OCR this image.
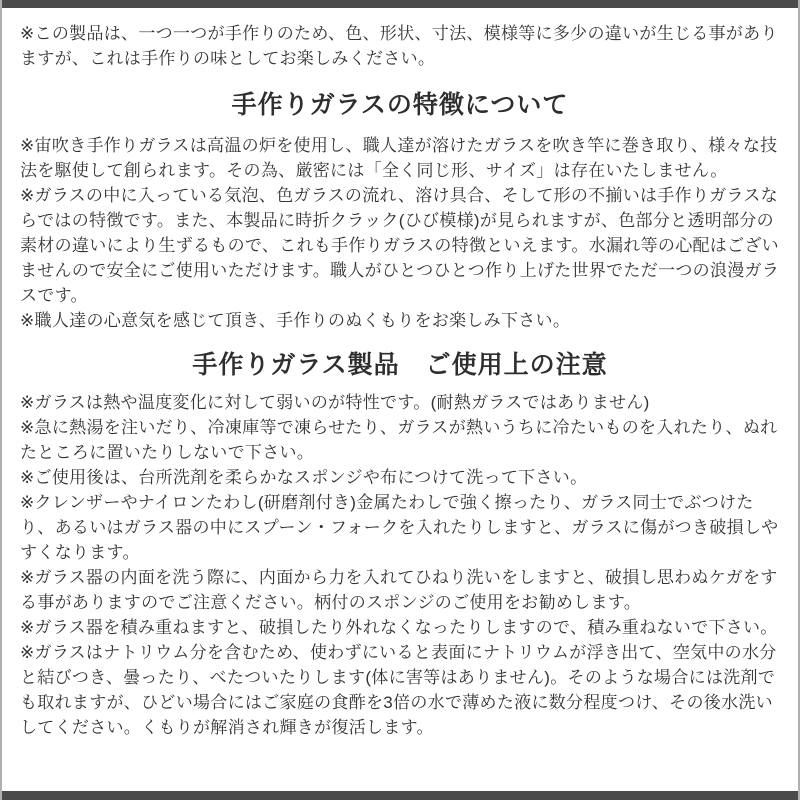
※この製品は、一つ一つが手作りのため、色、形状、寸法、模様等に多少の違いが生じる事がありますが、これは手作りの味としてお楽しみください。

手作りガラスの特徴について

※宙吹き手作りガラスは高温の炉を使用し、職人達が溶けたガラスを吹き竿に巻き取り、様々な技法を駆使して創られます。その為、厳密には「全く同じ形、サイズ」は存在いたしません。

※ガラスの中に入っている気泡、色ガラスの流れ、溶け具合、そして形の不揃いは手作りガラスならではの特徴です。また、本製品に時折クラック(ひび模様)が見られますが、色部分と透明部分の素材の違いにより生ずるもので、これも手作りガラスの特徴といえます。水漏れ等の心配はございませんので安全にご使用いただけます。職人がひとつひとつ作り上げた世界でただ一つの浪漫ガラスです。

※職人達の心意気を感じて頂き、手作りのぬくもりをお楽しみ下さい。

手作りガラス製品　ご使用上の注意

※ガラスは熱や温度変化に対して弱いのが特性です。(耐熱ガラスではありません)

※急に熱湯を注いだり、冷凍庫等で凍らせたり、ガラスが熱いうちに冷たいものを入れたり、ぬれたところに置いたりしないで下さい。

※ご使用後は、台所洗剤を柔らかなスポンジや布につけて洗って下さい。

※クレンザーやナイロンたわし(研磨剤付き)金属たわしで強く擦ったり、ガラス同士でぶつけたり、あるいはガラス器の中にスプーン・フォークを入れたりしますと、ガラスに傷がつき破損しやすくなります。

※ガラス器の内面を洗う際に、内面から力を入れてひねり洗いをしますと、破損し思わぬケガをする事がありますのでご注意ください。柄付のスポンジのご使用をお勧めします。

※ガラス器を積み重ねますと、破損したり外れなくなったりしますので、積み重ねないで下さい。

※ガラスはナトリウム分を含むため、使わずにいると表面にナトリウムが浮き出て、空気中の水分と結びつき、曇ったり、べたついたりします(体に害等はありません)。そのような場合には洗剤でも取れますが、ひどい場合にはご家庭の食酢を3倍の水で薄めた液に数分程度つけ、その後水洗いしてください。くもりが解消され輝きが復活します。
